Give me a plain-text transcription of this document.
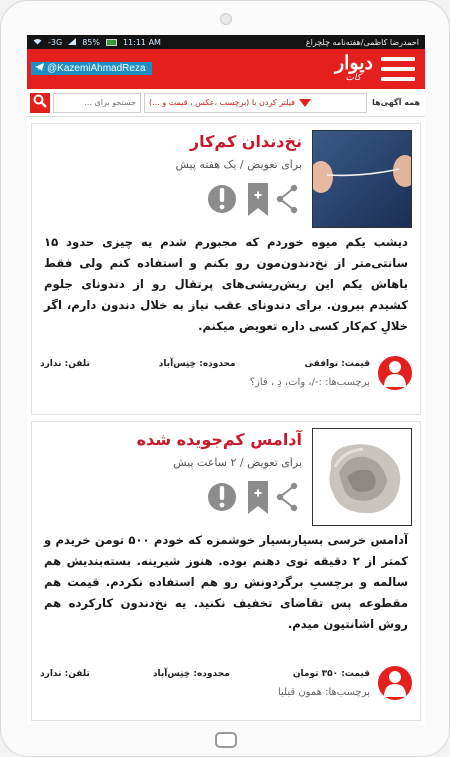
-3G	85%	11:11 AM	احمدرضا کاظمی/هفته‌نامه چلچراغ
@KazemiAhmadReza	دیوار
کات
جستجو برای ...
فیلتر کردن با (برچسب ،عکس ، قیمت و ...)	همه آگهی‌ها
نخ‌دندان کم‌کار
برای تعویض / یک هفته پیش
دیشب یکم میوه خوردم که مجبورم شدم یه چیزی حدود ۱۵ سانتی‌متر از نخ‌دندون‌مون رو بکنم و استفاده کنم ولی فقط باهاش یکم این ریش‌ریشی‌های پرتقال رو از دندونای جلوم کشیدم بیرون. برای دندونای عقب نیاز به خلال دندون دارم، اگر خلالِ کم‌کار کسی داره تعویض میکنم.
قیمت: توافقی
محدوده: خِنِس‌آباد
تلفن: ندارد
برچسب‌ها: :-/، وات، دِ ، فاز؟
آدامس کم‌جویده شده
برای تعویض / ۲ ساعت پیش
آدامس خرسی بسیاربسیار خوشمزه که خودم ۵۰۰ تومن خریدم و کمتر از ۲ دقیقه توی دهنم بوده. هنوز شیرینه. بسته‌بندیش هم سالمه و برچسبِ برگردونش رو هم استفاده نکردم. قیمت هم مقطوعه پس تقاضای تخفیف نکنید. یه نخ‌دندون کارکرده هم روش اشانتیون میدم.
قیمت: ۳۵۰ تومان
محدوده: خِنِس‌آباد
تلفن: ندارد
برچسب‌ها: همون قبلیا
